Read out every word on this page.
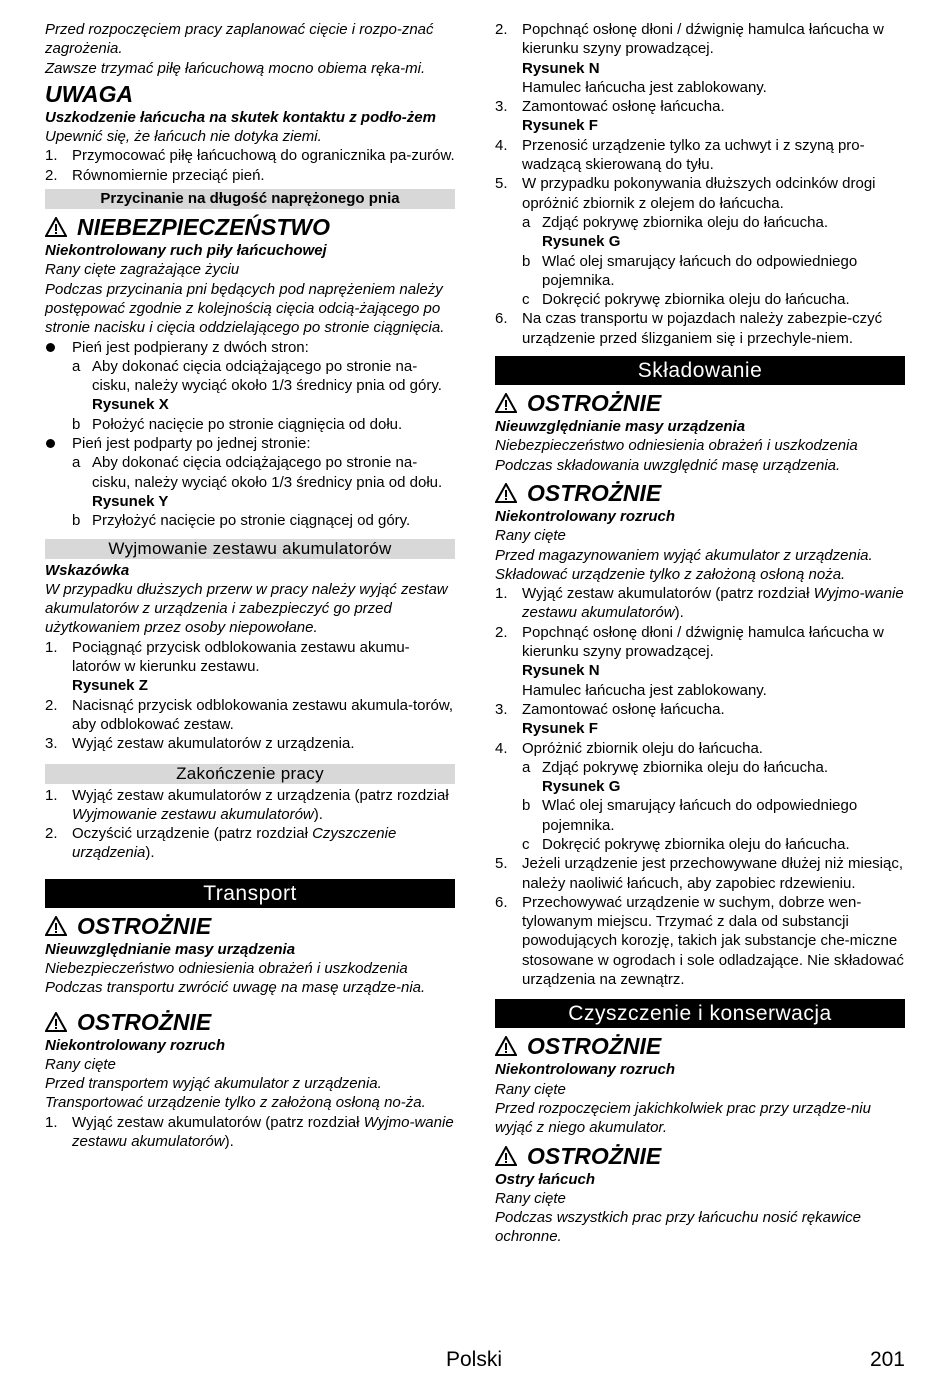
Przed rozpoczęciem pracy zaplanować cięcie i rozpo-znać zagrożenia.

Zawsze trzymać piłę łańcuchową mocno obiema ręka-mi.

UWAGA

Uszkodzenie łańcucha na skutek kontaktu z podło-żem

Upewnić się, że łańcuch nie dotyka ziemi.

1. Przymocować piłę łańcuchową do ogranicznika pa-zurów.
2. Równomiernie przeciąć pień.
Przycinanie na długość naprężonego pnia
NIEBEZPIECZEŃSTWO

Niekontrolowany ruch piły łańcuchowej

Rany cięte zagrażające życiu

Podczas przycinania pni będących pod naprężeniem należy postępować zgodnie z kolejnością cięcia odcią-żającego po stronie nacisku i cięcia oddzielającego po stronie ciągnięcia.

Pień jest podpierany z dwóch stron:
a Aby dokonać cięcia odciążającego po stronie na-cisku, należy wyciąć około 1/3 średnicy pnia od góry.

Rysunek X

b Położyć nacięcie po stronie ciągnięcia od dołu.
Pień jest podparty po jednej stronie:
a Aby dokonać cięcia odciążającego po stronie na-cisku, należy wyciąć około 1/3 średnicy pnia od dołu.

Rysunek Y

b Przyłożyć nacięcie po stronie ciągnącej od góry.
Wyjmowanie zestawu akumulatorów

Wskazówka

W przypadku dłuższych przerw w pracy należy wyjąć zestaw akumulatorów z urządzenia i zabezpieczyć go przed użytkowaniem przez osoby niepowołane.

1. Pociągnąć przycisk odblokowania zestawu akumu-latorów w kierunku zestawu.

Rysunek Z

2. Nacisnąć przycisk odblokowania zestawu akumula-torów, aby odblokować zestaw.
3. Wyjąć zestaw akumulatorów z urządzenia.
Zakończenie pracy
1. Wyjąć zestaw akumulatorów z urządzenia (patrz rozdział Wyjmowanie zestawu akumulatorów).
2. Oczyścić urządzenie (patrz rozdział Czyszczenie urządzenia).
Transport
OSTROŻNIE

Nieuwzględnianie masy urządzenia

Niebezpieczeństwo odniesienia obrażeń i uszkodzenia

Podczas transportu zwrócić uwagę na masę urządze-nia.

OSTROŻNIE

Niekontrolowany rozruch

Rany cięte

Przed transportem wyjąć akumulator z urządzenia.

Transportować urządzenie tylko z założoną osłoną no-ża.

1. Wyjąć zestaw akumulatorów (patrz rozdział Wyjmo-wanie zestawu akumulatorów).
2. Popchnąć osłonę dłoni / dźwignię hamulca łańcucha w kierunku szyny prowadzącej.

Rysunek N

Hamulec łańcucha jest zablokowany.

3. Zamontować osłonę łańcucha.

Rysunek F

4. Przenosić urządzenie tylko za uchwyt i z szyną pro-wadzącą skierowaną do tyłu.
5. W przypadku pokonywania dłuższych odcinków drogi opróżnić zbiornik z olejem do łańcucha.
a Zdjąć pokrywę zbiornika oleju do łańcucha.

Rysunek G

b Wlać olej smarujący łańcuch do odpowiedniego pojemnika.
c Dokręcić pokrywę zbiornika oleju do łańcucha.
6. Na czas transportu w pojazdach należy zabezpie-czyć urządzenie przed ślizganiem się i przechyle-niem.
Składowanie
OSTROŻNIE

Nieuwzględnianie masy urządzenia

Niebezpieczeństwo odniesienia obrażeń i uszkodzenia

Podczas składowania uwzględnić masę urządzenia.

OSTROŻNIE

Niekontrolowany rozruch

Rany cięte

Przed magazynowaniem wyjąć akumulator z urządzenia.

Składować urządzenie tylko z założoną osłoną noża.

1. Wyjąć zestaw akumulatorów (patrz rozdział Wyjmo-wanie zestawu akumulatorów).
2. Popchnąć osłonę dłoni / dźwignię hamulca łańcucha w kierunku szyny prowadzącej.

Rysunek N

Hamulec łańcucha jest zablokowany.

3. Zamontować osłonę łańcucha.

Rysunek F

4. Opróżnić zbiornik oleju do łańcucha.
a Zdjąć pokrywę zbiornika oleju do łańcucha.

Rysunek G

b Wlać olej smarujący łańcuch do odpowiedniego pojemnika.
c Dokręcić pokrywę zbiornika oleju do łańcucha.
5. Jeżeli urządzenie jest przechowywane dłużej niż miesiąc, należy naoliwić łańcuch, aby zapobiec rdzewieniu.
6. Przechowywać urządzenie w suchym, dobrze wen-tylowanym miejscu. Trzymać z dala od substancji powodujących korozję, takich jak substancje che-miczne stosowane w ogrodach i sole odladzające. Nie składować urządzenia na zewnątrz.
Czyszczenie i konserwacja
OSTROŻNIE

Niekontrolowany rozruch

Rany cięte

Przed rozpoczęciem jakichkolwiek prac przy urządze-niu wyjąć z niego akumulator.

OSTROŻNIE

Ostry łańcuch

Rany cięte

Podczas wszystkich prac przy łańcuchu nosić rękawice ochronne.

Polski	201
